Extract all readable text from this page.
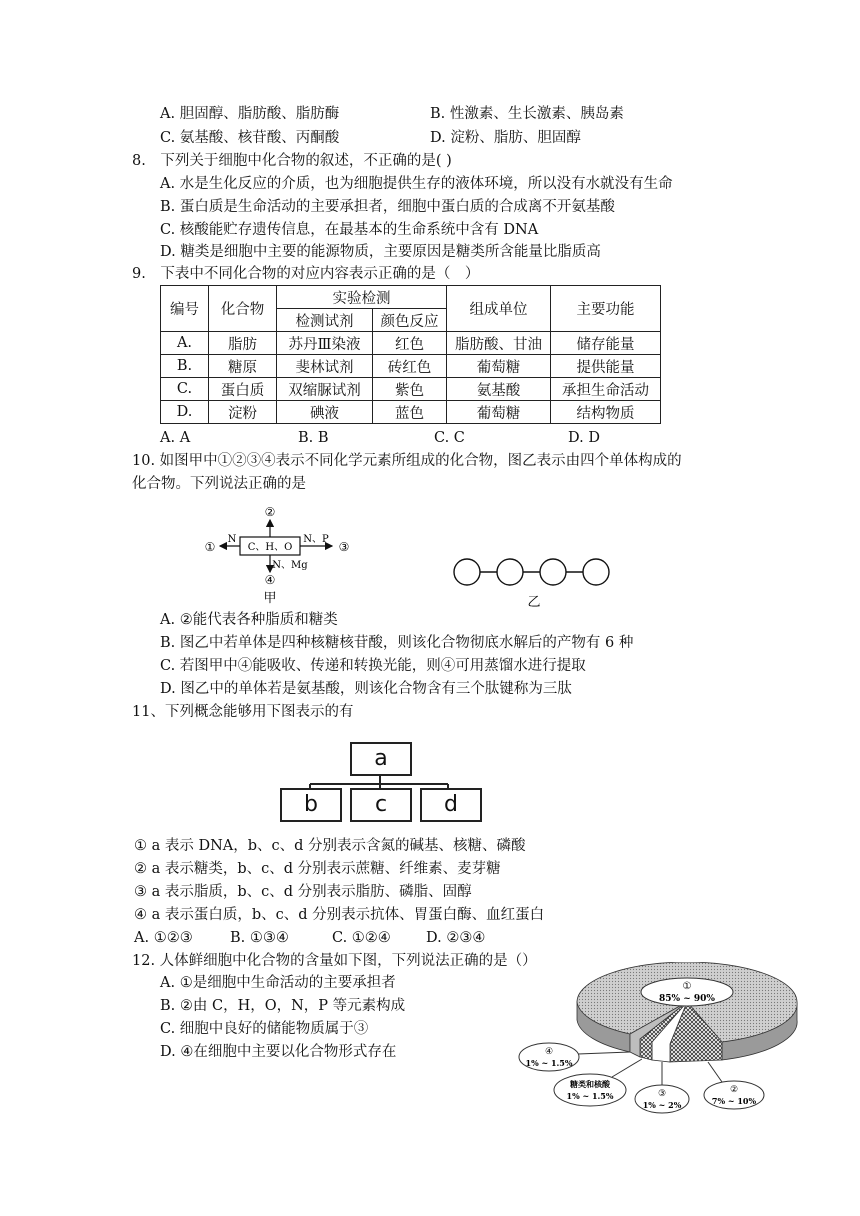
A. 胆固醇、脂肪酸、脂肪酶	B. 性激素、生长激素、胰岛素
C. 氨基酸、核苷酸、丙酮酸	D. 淀粉、脂肪、胆固醇
8.　下列关于细胞中化合物的叙述，不正确的是( )
A. 水是生化反应的介质，也为细胞提供生存的液体环境，所以没有水就没有生命
B. 蛋白质是生命活动的主要承担者，细胞中蛋白质的合成离不开氨基酸
C. 核酸能贮存遗传信息，在最基本的生命系统中含有 DNA
D. 糖类是细胞中主要的能源物质，主要原因是糖类所含能量比脂质高
9.　下表中不同化合物的对应内容表示正确的是（　）
编号	化合物	实验检测		组成单位	主要功能
		检测试剂	颜色反应		
A.	脂肪	苏丹Ⅲ染液	红色	脂肪酸、甘油	储存能量
B.	糖原	斐林试剂	砖红色	葡萄糖	提供能量
C.	蛋白质	双缩脲试剂	紫色	氨基酸	承担生命活动
D.	淀粉	碘液	蓝色	葡萄糖	结构物质
A. A	B. B	C. C	D. D
10. 如图甲中①②③④表示不同化学元素所组成的化合物，图乙表示由四个单体构成的
化合物。下列说法正确的是
C、H、O
②
N
①
N、P
③
N、Mg
④
甲	乙
A. ②能代表各种脂质和糖类
B. 图乙中若单体是四种核糖核苷酸，则该化合物彻底水解后的产物有 6 种
C. 若图甲中④能吸收、传递和转换光能，则④可用蒸馏水进行提取
D. 图乙中的单体若是氨基酸，则该化合物含有三个肽键称为三肽
11、下列概念能够用下图表示的有
a
b	c	d
① a 表示 DNA，b、c、d 分别表示含氮的碱基、核糖、磷酸
② a 表示糖类，b、c、d 分别表示蔗糖、纤维素、麦芽糖
③ a 表示脂质，b、c、d 分别表示脂肪、磷脂、固醇
④ a 表示蛋白质，b、c、d 分别表示抗体、胃蛋白酶、血红蛋白
A. ①②③	B. ①③④	C. ①②④ D. ②③④
12. 人体鲜细胞中化合物的含量如下图，下列说法正确的是（）
A. ①是细胞中生命活动的主要承担者
B. ②由 C，H，O，N，P 等元素构成
C. 细胞中良好的储能物质属于③
D. ④在细胞中主要以化合物形式存在
①
85% ~ 90%
④
1% ~ 1.5%
糖类和核酸
1% ~ 1.5%	③
1% ~ 2%
②
7% ~ 10%
